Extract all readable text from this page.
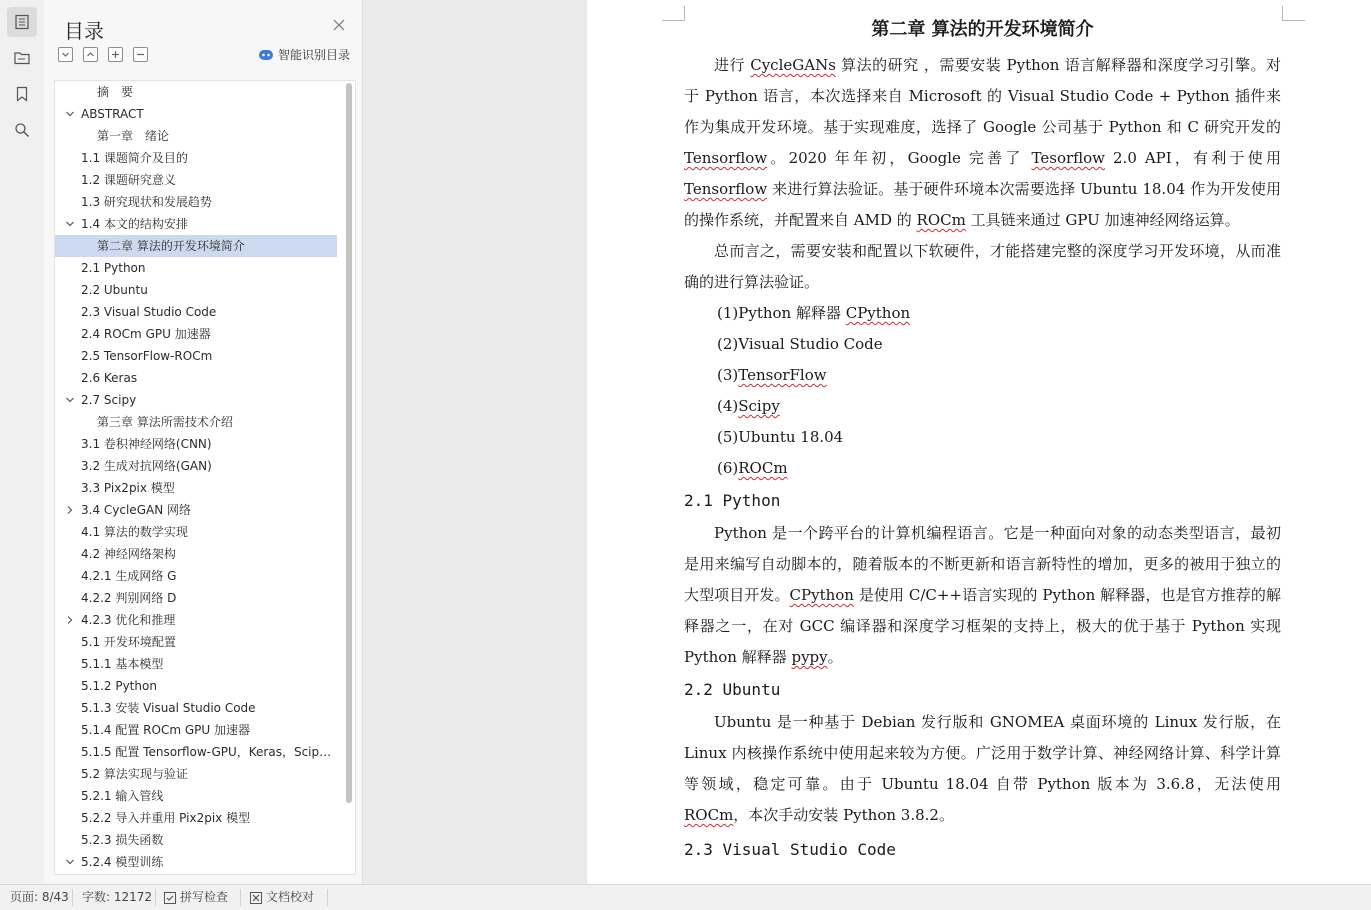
目录
智能识别目录
摘　要
ABSTRACT
第一章　绪论
1.1 课题简介及目的
1.2 课题研究意义
1.3 研究现状和发展趋势
1.4 本文的结构安排
第二章 算法的开发环境简介
2.1 Python
2.2 Ubuntu
2.3 Visual Studio Code
2.4 ROCm GPU 加速器
2.5 TensorFlow-ROCm
2.6 Keras
2.7 Scipy
第三章 算法所需技术介绍
3.1 卷积神经网络(CNN)
3.2 生成对抗网络(GAN)
3.3 Pix2pix 模型
3.4 CycleGAN 网络
4.1 算法的数学实现
4.2 神经网络架构
4.2.1 生成网络 G
4.2.2 判别网络 D
4.2.3 优化和推理
5.1 开发环境配置
5.1.1 基本模型
5.1.2 Python
5.1.3 安装 Visual Studio Code
5.1.4 配置 ROCm GPU 加速器
5.1.5 配置 Tensorflow-GPU，Keras，Scip…
5.2 算法实现与验证
5.2.1 输入管线
5.2.2 导入并重用 Pix2pix 模型
5.2.3 损失函数
5.2.4 模型训练
第二章 算法的开发环境简介

进行 CycleGANs 算法的研究 ，需要安装 Python 语言解释器和深度学习引擎。对于 Python 语言，本次选择来自 Microsoft 的 Visual Studio Code + Python 插件来作为集成开发环境。基于实现难度，选择了 Google 公司基于 Python 和 C 研究开发的 Tensorflow。2020 年年初，Google 完善了 Tesorflow 2.0 API，有利于使用 Tensorflow 来进行算法验证。基于硬件环境本次需要选择 Ubuntu 18.04 作为开发使用的操作系统，并配置来自 AMD 的 ROCm 工具链来通过 GPU 加速神经网络运算。

总而言之，需要安装和配置以下软硬件，才能搭建完整的深度学习开发环境，从而准确的进行算法验证。

(1)Python 解释器 CPython
(2)Visual Studio Code
(3)TensorFlow
(4)Scipy
(5)Ubuntu 18.04
(6)ROCm
2.1 Python

Python 是一个跨平台的计算机编程语言。它是一种面向对象的动态类型语言，最初是用来编写自动脚本的，随着版本的不断更新和语言新特性的增加，更多的被用于独立的大型项目开发。CPython 是使用 C/C++语言实现的 Python 解释器，也是官方推荐的解释器之一，在对 GCC 编译器和深度学习框架的支持上，极大的优于基于 Python 实现 Python 解释器 pypy。

2.2 Ubuntu

Ubuntu 是一种基于 Debian 发行版和 GNOMEA 桌面环境的 Linux 发行版，在 Linux 内核操作系统中使用起来较为方便。广泛用于数学计算、神经网络计算、科学计算等领域，稳定可靠。由于 Ubuntu 18.04 自带 Python 版本为 3.6.8，无法使用 ROCm，本次手动安装 Python 3.8.2。

2.3 Visual Studio Code
页面: 8/43 字数: 12172 拼写检查	文档校对
